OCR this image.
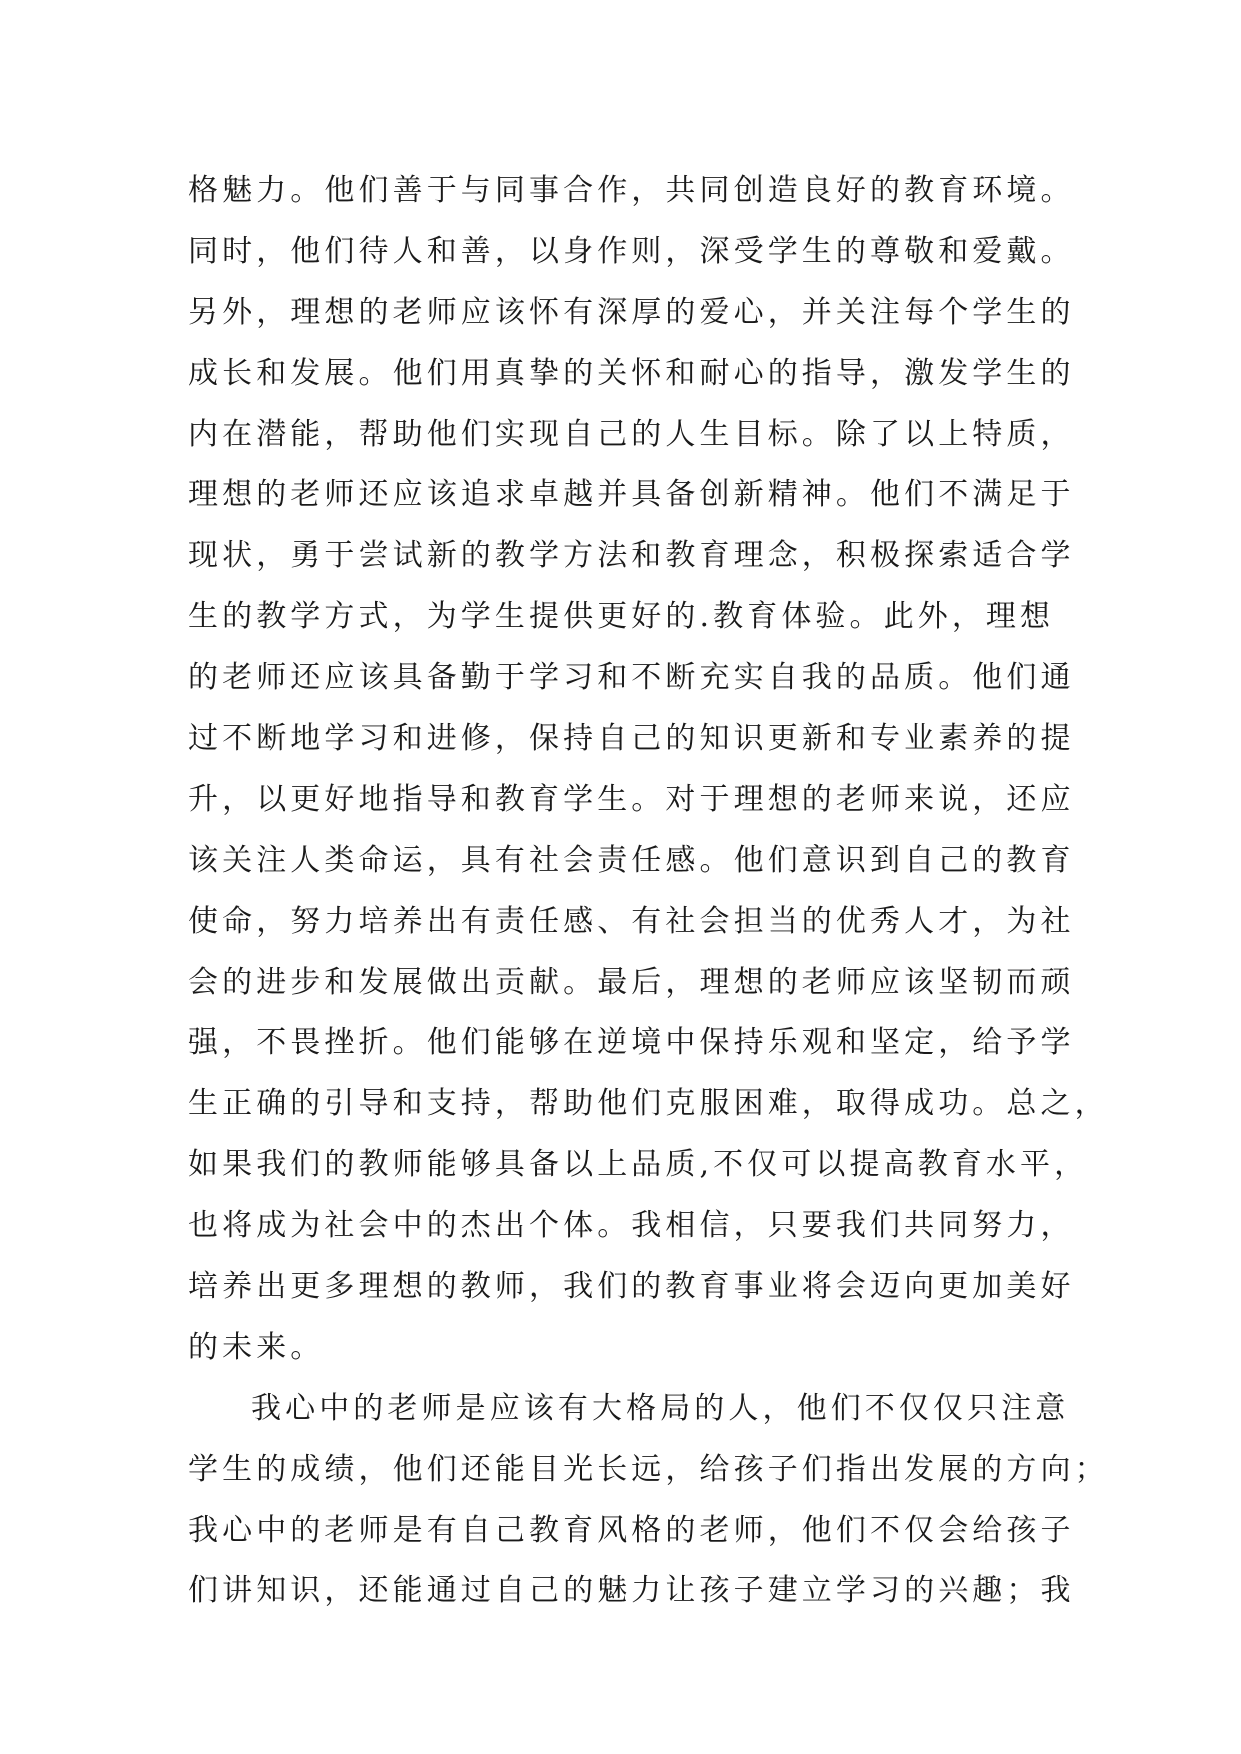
格魅力。他们善于与同事合作，共同创造良好的教育环境。
同时，他们待人和善，以身作则，深受学生的尊敬和爱戴。
另外，理想的老师应该怀有深厚的爱心，并关注每个学生的
成长和发展。他们用真挚的关怀和耐心的指导，激发学生的
内在潜能，帮助他们实现自己的人生目标。除了以上特质，
理想的老师还应该追求卓越并具备创新精神。他们不满足于
现状，勇于尝试新的教学方法和教育理念，积极探索适合学
生的教学方式，为学生提供更好的.教育体验。此外，理想
的老师还应该具备勤于学习和不断充实自我的品质。他们通
过不断地学习和进修，保持自己的知识更新和专业素养的提
升，以更好地指导和教育学生。对于理想的老师来说，还应
该关注人类命运，具有社会责任感。他们意识到自己的教育
使命，努力培养出有责任感、有社会担当的优秀人才，为社
会的进步和发展做出贡献。最后，理想的老师应该坚韧而顽
强，不畏挫折。他们能够在逆境中保持乐观和坚定，给予学
生正确的引导和支持，帮助他们克服困难，取得成功。总之，
如果我们的教师能够具备以上品质,不仅可以提高教育水平，
也将成为社会中的杰出个体。我相信，只要我们共同努力，
培养出更多理想的教师，我们的教育事业将会迈向更加美好
的未来。
我心中的老师是应该有大格局的人，他们不仅仅只注意
学生的成绩，他们还能目光长远，给孩子们指出发展的方向；
我心中的老师是有自己教育风格的老师，他们不仅会给孩子
们讲知识，还能通过自己的魅力让孩子建立学习的兴趣；我
